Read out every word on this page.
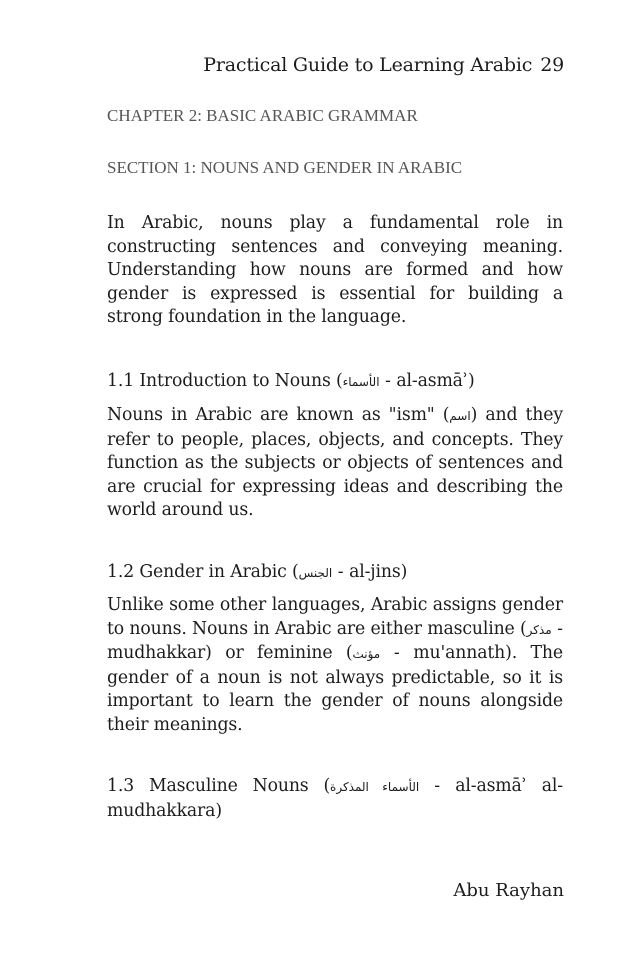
Practical Guide to Learning Arabic 29
CHAPTER 2: BASIC ARABIC GRAMMAR
SECTION 1: NOUNS AND GENDER IN ARABIC
In Arabic, nouns play a fundamental role in constructing sentences and conveying meaning. Understanding how nouns are formed and how gender is expressed is essential for building a strong foundation in the language.
1.1 Introduction to Nouns (الأسماء - al-asmāʾ)
Nouns in Arabic are known as "ism" (اسم) and they refer to people, places, objects, and concepts. They function as the subjects or objects of sentences and are crucial for expressing ideas and describing the world around us.
1.2 Gender in Arabic (الجنس - al-jins)
Unlike some other languages, Arabic assigns gender to nouns. Nouns in Arabic are either masculine (مذكر - mudhakkar) or feminine (مؤنث - mu'annath). The gender of a noun is not always predictable, so it is important to learn the gender of nouns alongside their meanings.
1.3 Masculine Nouns (الأسماء المذكرة - al-asmāʾ al-mudhakkara)
Abu Rayhan
